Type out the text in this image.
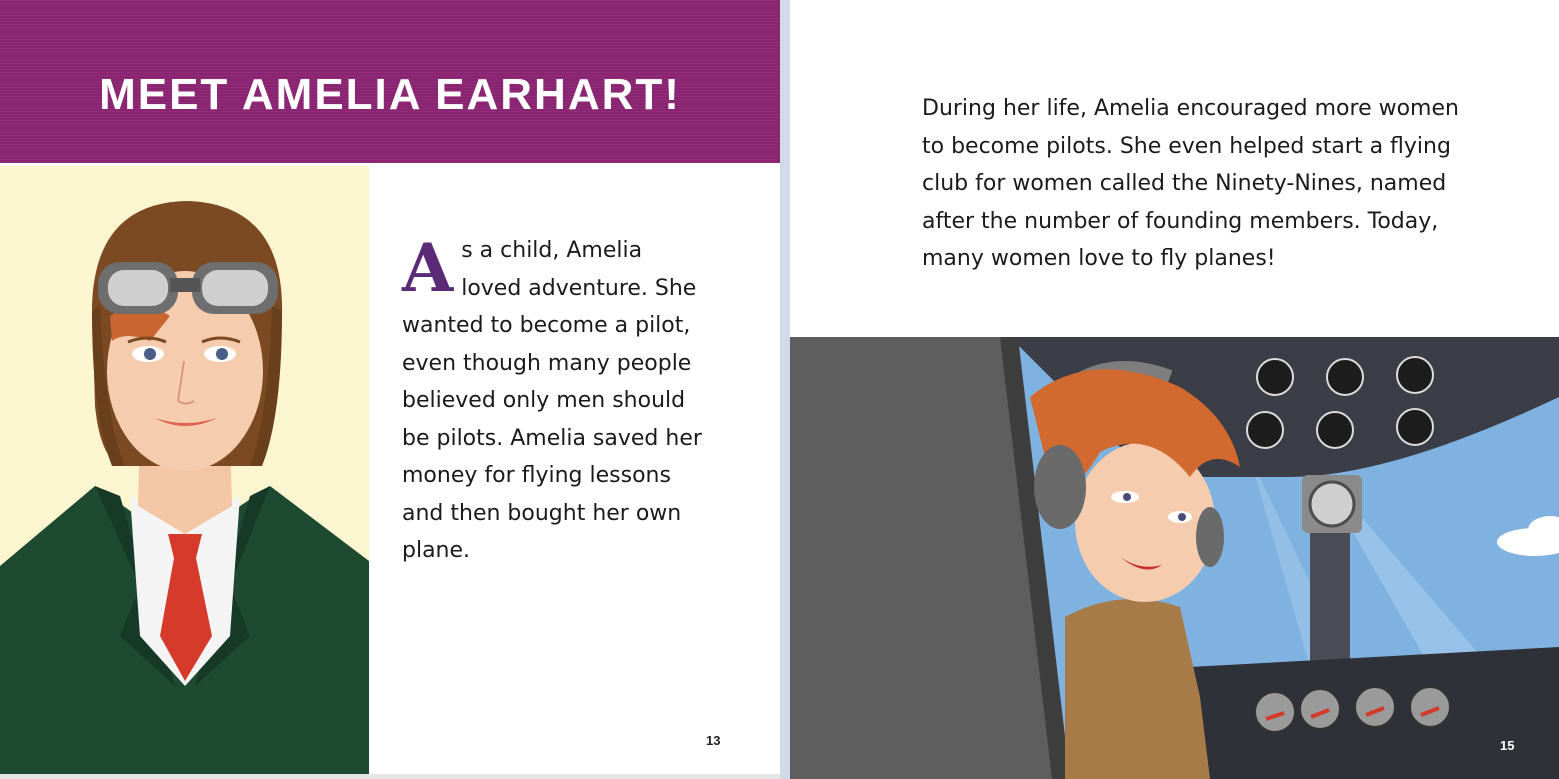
MEET AMELIA EARHART!
A s a child, Amelia loved adventure. She wanted to become a pilot, even though many people believed only men should be pilots. Amelia saved her money for flying lessons and then bought her own plane.
13
During her life, Amelia encouraged more women to become pilots. She even helped start a flying club for women called the Ninety-Nines, named after the number of founding members. Today, many women love to fly planes!
15
